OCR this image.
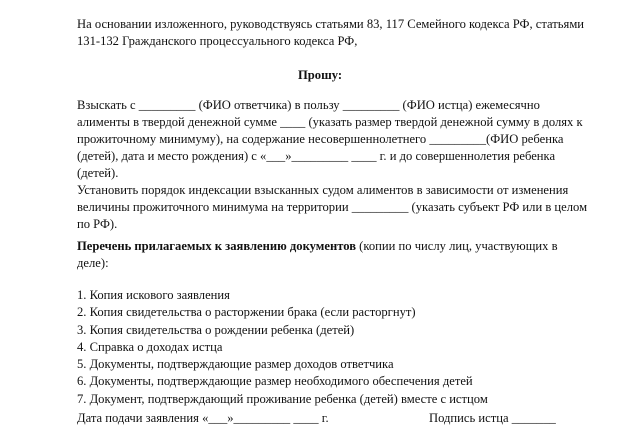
На основании изложенного, руководствуясь статьями 83, 117 Семейного кодекса РФ, статьями
131-132 Гражданского процессуального кодекса РФ,
Прошу:
Взыскать с _________ (ФИО ответчика) в пользу _________ (ФИО истца) ежемесячно
алименты в твердой денежной сумме ____ (указать размер твердой денежной сумму в долях к
прожиточному минимуму), на содержание несовершеннолетнего _________(ФИО ребенка
(детей), дата и место рождения) с «___»_________ ____ г. и до совершеннолетия ребенка
(детей).
Установить порядок индексации взысканных судом алиментов в зависимости от изменения
величины прожиточного минимума на территории _________ (указать субъект РФ или в целом
по РФ).
Перечень прилагаемых к заявлению документов (копии по числу лиц, участвующих в
деле):
1. Копия искового заявления
2. Копия свидетельства о расторжении брака (если расторгнут)
3. Копия свидетельства о рождении ребенка (детей)
4. Справка о доходах истца
5. Документы, подтверждающие размер доходов ответчика
6. Документы, подтверждающие размер необходимого обеспечения детей
7. Документ, подтверждающий проживание ребенка (детей) вместе с истцом
Дата подачи заявления «___»_________ ____ г.	Подпись истца _______
